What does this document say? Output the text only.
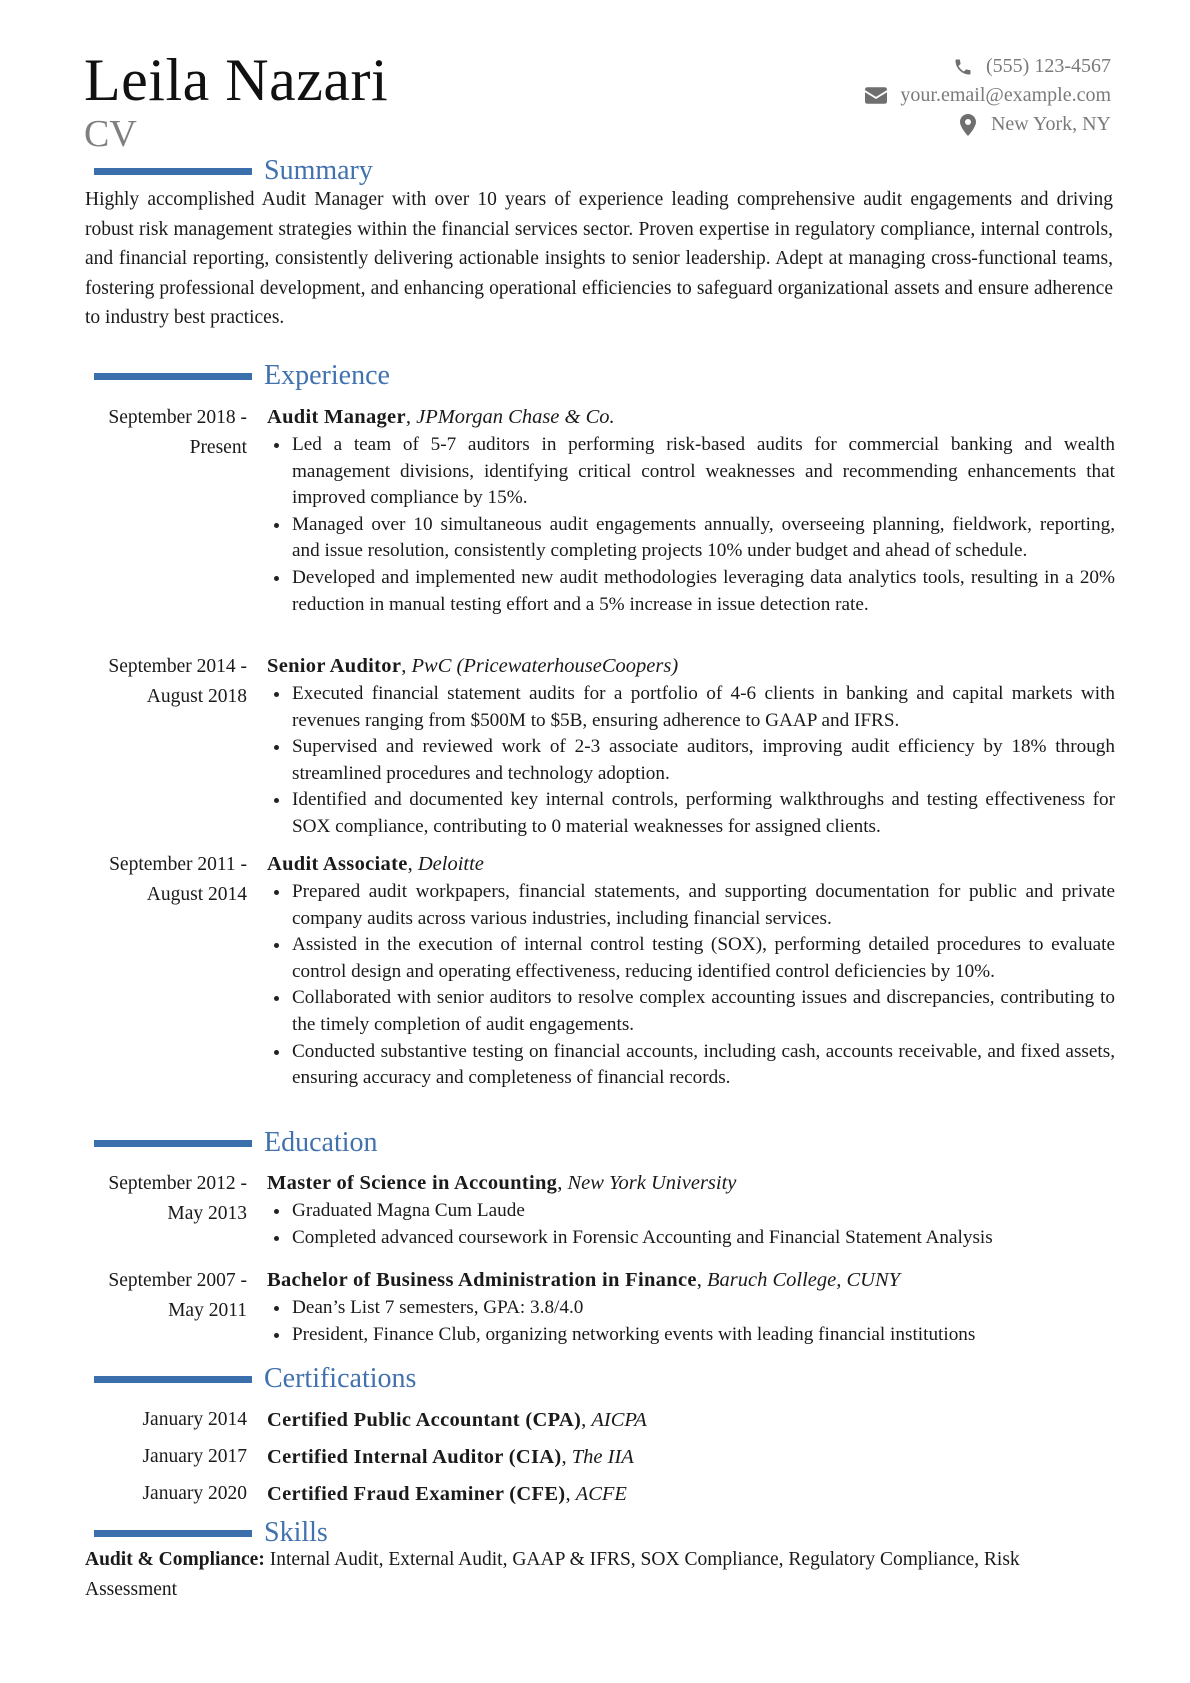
Leila Nazari
CV
(555) 123-4567
your.email@example.com
New York, NY
Summary
Highly accomplished Audit Manager with over 10 years of experience leading comprehensive audit engagements and driving robust risk management strategies within the financial services sector. Proven expertise in regulatory compliance, internal controls, and financial reporting, consistently delivering actionable insights to senior leadership. Adept at managing cross-functional teams, fostering professional development, and enhancing operational efficiencies to safeguard organizational assets and ensure adherence to industry best practices.
Experience
September 2018 - Present
Audit Manager, JPMorgan Chase & Co.
Led a team of 5-7 auditors in performing risk-based audits for commercial banking and wealth management divisions, identifying critical control weaknesses and recommending enhancements that improved compliance by 15%.
Managed over 10 simultaneous audit engagements annually, overseeing planning, fieldwork, reporting, and issue resolution, consistently completing projects 10% under budget and ahead of schedule.
Developed and implemented new audit methodologies leveraging data analytics tools, resulting in a 20% reduction in manual testing effort and a 5% increase in issue detection rate.
September 2014 - August 2018
Senior Auditor, PwC (PricewaterhouseCoopers)
Executed financial statement audits for a portfolio of 4-6 clients in banking and capital markets with revenues ranging from $500M to $5B, ensuring adherence to GAAP and IFRS.
Supervised and reviewed work of 2-3 associate auditors, improving audit efficiency by 18% through streamlined procedures and technology adoption.
Identified and documented key internal controls, performing walkthroughs and testing effectiveness for SOX compliance, contributing to 0 material weaknesses for assigned clients.
September 2011 - August 2014
Audit Associate, Deloitte
Prepared audit workpapers, financial statements, and supporting documentation for public and private company audits across various industries, including financial services.
Assisted in the execution of internal control testing (SOX), performing detailed procedures to evaluate control design and operating effectiveness, reducing identified control deficiencies by 10%.
Collaborated with senior auditors to resolve complex accounting issues and discrepancies, contributing to the timely completion of audit engagements.
Conducted substantive testing on financial accounts, including cash, accounts receivable, and fixed assets, ensuring accuracy and completeness of financial records.
Education
September 2012 - May 2013
Master of Science in Accounting, New York University
Graduated Magna Cum Laude
Completed advanced coursework in Forensic Accounting and Financial Statement Analysis
September 2007 - May 2011
Bachelor of Business Administration in Finance, Baruch College, CUNY
Dean’s List 7 semesters, GPA: 3.8/4.0
President, Finance Club, organizing networking events with leading financial institutions
Certifications
January 2014 Certified Public Accountant (CPA), AICPA
January 2017 Certified Internal Auditor (CIA), The IIA
January 2020 Certified Fraud Examiner (CFE), ACFE
Skills
Audit & Compliance: Internal Audit, External Audit, GAAP & IFRS, SOX Compliance, Regulatory Compliance, Risk Assessment
